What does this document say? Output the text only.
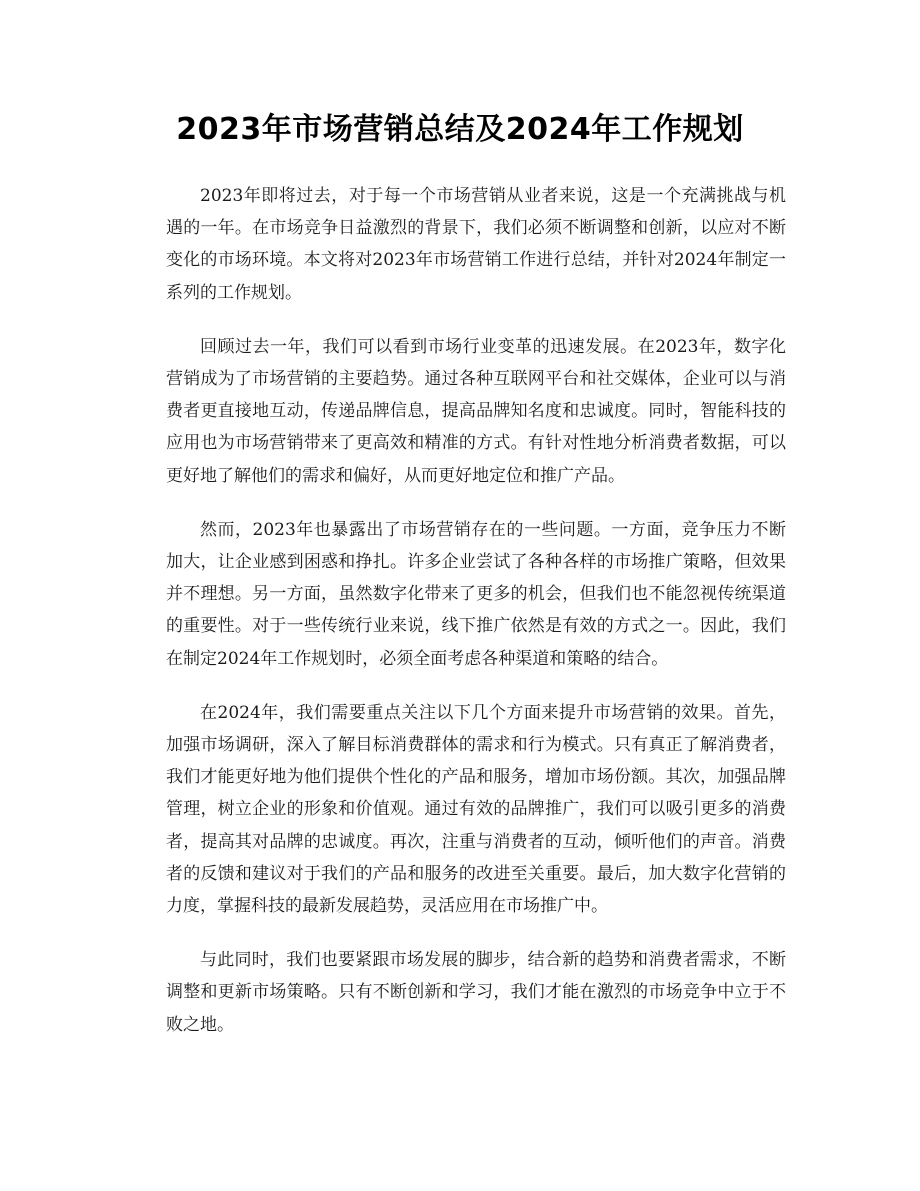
2023年市场营销总结及2024年工作规划

2023年即将过去，对于每一个市场营销从业者来说，这是一个充满挑战与机遇的一年。在市场竞争日益激烈的背景下，我们必须不断调整和创新，以应对不断变化的市场环境。本文将对2023年市场营销工作进行总结，并针对2024年制定一系列的工作规划。

回顾过去一年，我们可以看到市场行业变革的迅速发展。在2023年，数字化营销成为了市场营销的主要趋势。通过各种互联网平台和社交媒体，企业可以与消费者更直接地互动，传递品牌信息，提高品牌知名度和忠诚度。同时，智能科技的应用也为市场营销带来了更高效和精准的方式。有针对性地分析消费者数据，可以更好地了解他们的需求和偏好，从而更好地定位和推广产品。

然而，2023年也暴露出了市场营销存在的一些问题。一方面，竞争压力不断加大，让企业感到困惑和挣扎。许多企业尝试了各种各样的市场推广策略，但效果并不理想。另一方面，虽然数字化带来了更多的机会，但我们也不能忽视传统渠道的重要性。对于一些传统行业来说，线下推广依然是有效的方式之一。因此，我们在制定2024年工作规划时，必须全面考虑各种渠道和策略的结合。

在2024年，我们需要重点关注以下几个方面来提升市场营销的效果。首先，加强市场调研，深入了解目标消费群体的需求和行为模式。只有真正了解消费者，我们才能更好地为他们提供个性化的产品和服务，增加市场份额。其次，加强品牌管理，树立企业的形象和价值观。通过有效的品牌推广，我们可以吸引更多的消费者，提高其对品牌的忠诚度。再次，注重与消费者的互动，倾听他们的声音。消费者的反馈和建议对于我们的产品和服务的改进至关重要。最后，加大数字化营销的力度，掌握科技的最新发展趋势，灵活应用在市场推广中。

与此同时，我们也要紧跟市场发展的脚步，结合新的趋势和消费者需求，不断调整和更新市场策略。只有不断创新和学习，我们才能在激烈的市场竞争中立于不败之地。
